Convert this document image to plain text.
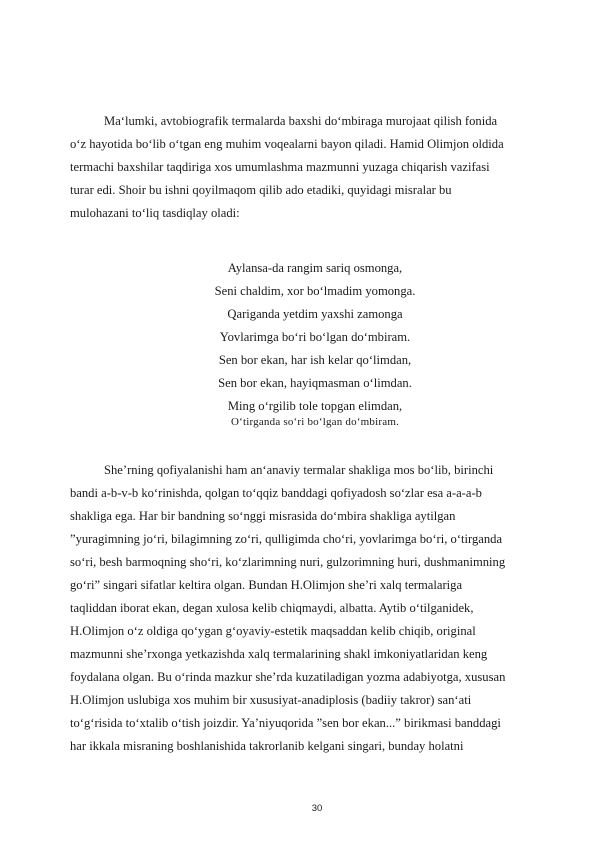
Maʻlumki, avtobiografik termalarda baxshi doʻmbiraga murojaat qilish fonida
oʻz hayotida boʻlib oʻtgan eng muhim voqealarni bayon qiladi. Hamid Olimjon oldida
termachi baxshilar taqdiriga xos umumlashma mazmunni yuzaga chiqarish vazifasi
turar edi. Shoir bu ishni qoyilmaqom qilib ado etadiki, quyidagi misralar bu
mulohazani toʻliq tasdiqlay oladi:
Aylansa-da rangim sariq osmonga,
Seni chaldim, xor boʻlmadim yomonga.
Qariganda yetdim yaxshi zamonga
Yovlarimga boʻri boʻlgan doʻmbiram.
Sen bor ekan, har ish kelar qoʻlimdan,
Sen bor ekan, hayiqmasman oʻlimdan.
Ming oʻrgilib tole topgan elimdan,
Oʻtirganda soʻri boʻlgan doʻmbiram.
She’rning qofiyalanishi ham anʻanaviy termalar shakliga mos boʻlib, birinchi
bandi a-b-v-b koʻrinishda, qolgan toʻqqiz banddagi qofiyadosh soʻzlar esa a-a-a-b
shakliga ega. Har bir bandning soʻnggi misrasida doʻmbira shakliga aytilgan
”yuragimning joʻri, bilagimning zoʻri, qulligimda choʻri, yovlarimga boʻri, oʻtirganda
soʻri, besh barmoqning shoʻri, koʻzlarimning nuri, gulzorimning huri, dushmanimning
goʻri” singari sifatlar keltira olgan. Bundan H.Olimjon she’ri xalq termalariga
taqliddan iborat ekan, degan xulosa kelib chiqmaydi, albatta. Aytib oʻtilganidek,
H.Olimjon oʻz oldiga qoʻygan gʻoyaviy-estetik maqsaddan kelib chiqib, original
mazmunni she’rxonga yetkazishda xalq termalarining shakl imkoniyatlaridan keng
foydalana olgan. Bu oʻrinda mazkur she’rda kuzatiladigan yozma adabiyotga, xususan
H.Olimjon uslubiga xos muhim bir xususiyat-anadiplosis (badiiy takror) sanʻati
toʻgʻrisida toʻxtalib oʻtish joizdir. Ya’niyuqorida ”sen bor ekan...” birikmasi banddagi
har ikkala misraning boshlanishida takrorlanib kelgani singari, bunday holatni
30
